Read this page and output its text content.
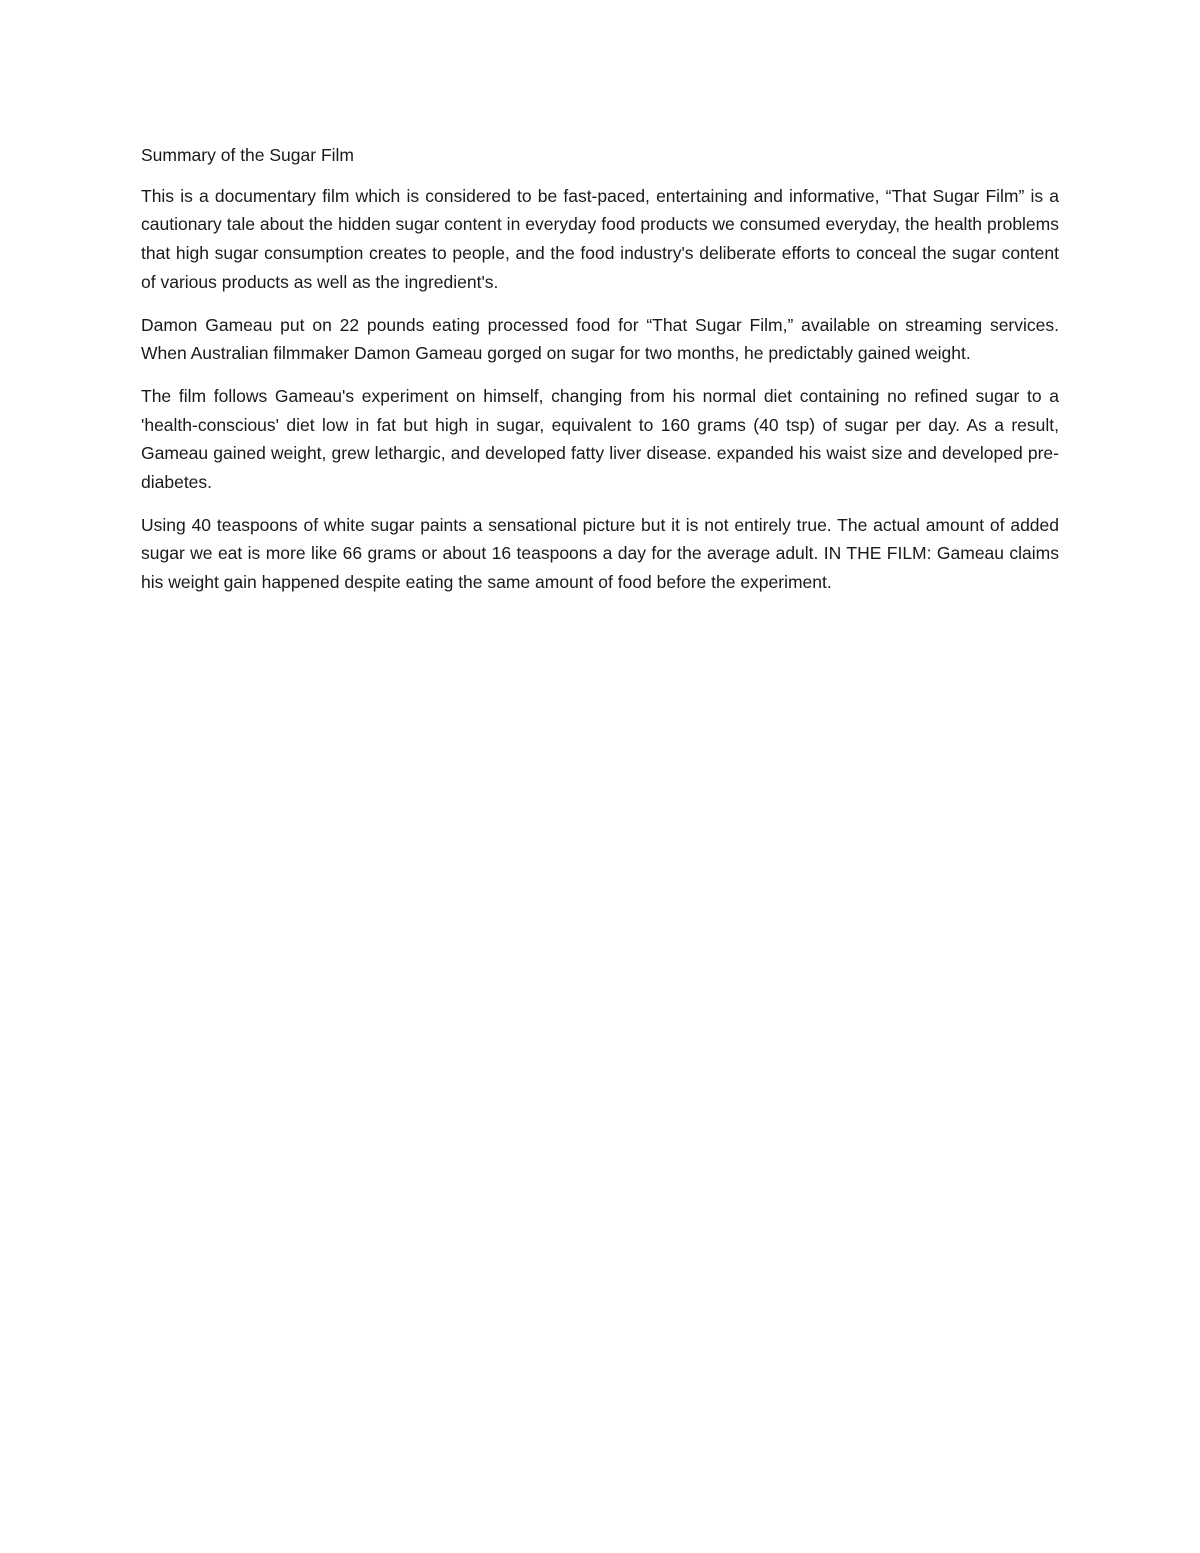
Summary of the Sugar Film

This is a documentary film which is considered to be fast-paced, entertaining and informative, “That Sugar Film” is a cautionary tale about the hidden sugar content in everyday food products we consumed everyday, the health problems that high sugar consumption creates to people, and the food industry's deliberate efforts to conceal the sugar content of various products as well as the ingredient's.

Damon Gameau put on 22 pounds eating processed food for “That Sugar Film,” available on streaming services. When Australian filmmaker Damon Gameau gorged on sugar for two months, he predictably gained weight.

The film follows Gameau's experiment on himself, changing from his normal diet containing no refined sugar to a 'health-conscious' diet low in fat but high in sugar, equivalent to 160 grams (40 tsp) of sugar per day. As a result, Gameau gained weight, grew lethargic, and developed fatty liver disease. expanded his waist size and developed pre-diabetes.

Using 40 teaspoons of white sugar paints a sensational picture but it is not entirely true. The actual amount of added sugar we eat is more like 66 grams or about 16 teaspoons a day for the average adult. IN THE FILM: Gameau claims his weight gain happened despite eating the same amount of food before the experiment.
